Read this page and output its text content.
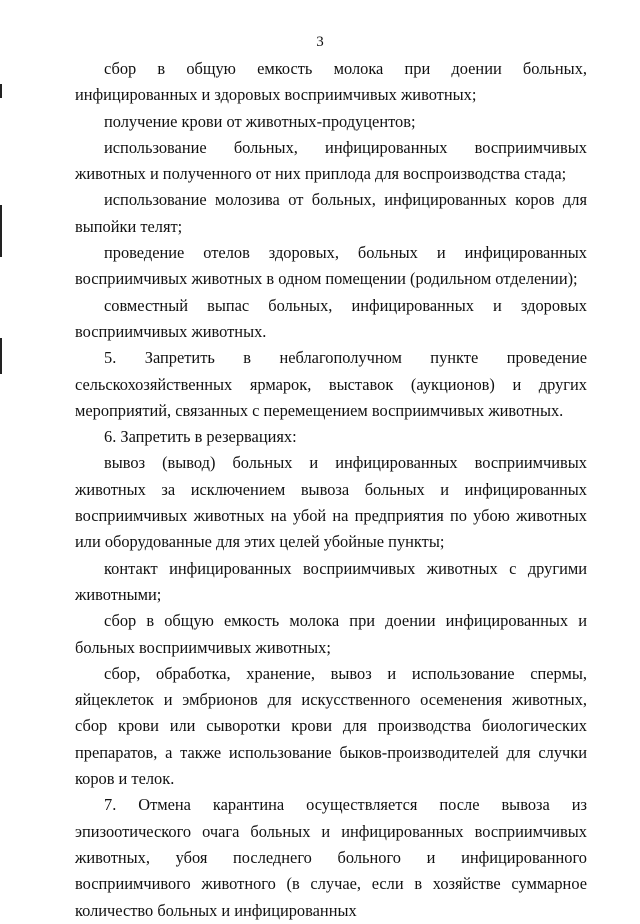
3

сбор в общую емкость молока при доении больных, инфицированных и здоровых восприимчивых животных;

получение крови от животных-продуцентов;

использование больных, инфицированных восприимчивых животных и полученного от них приплода для воспроизводства стада;

использование молозива от больных, инфицированных коров для выпойки телят;

проведение отелов здоровых, больных и инфицированных восприимчивых животных в одном помещении (родильном отделении);

совместный выпас больных, инфицированных и здоровых восприимчивых животных.

5. Запретить в неблагополучном пункте проведение сельскохозяйственных ярмарок, выставок (аукционов) и других мероприятий, связанных с перемещением восприимчивых животных.

6. Запретить в резервациях:

вывоз (вывод) больных и инфицированных восприимчивых животных за исключением вывоза больных и инфицированных восприимчивых животных на убой на предприятия по убою животных или оборудованные для этих целей убойные пункты;

контакт инфицированных восприимчивых животных с другими животными;

сбор в общую емкость молока при доении инфицированных и больных восприимчивых животных;

сбор, обработка, хранение, вывоз и использование спермы, яйцеклеток и эмбрионов для искусственного осеменения животных, сбор крови или сыворотки крови для производства биологических препаратов, а также использование быков-производителей для случки коров и телок.

7. Отмена карантина осуществляется после вывоза из эпизоотического очага больных и инфицированных восприимчивых животных, убоя последнего больного и инфицированного восприимчивого животного (в случае, если в хозяйстве суммарное количество больных и инфицированных
